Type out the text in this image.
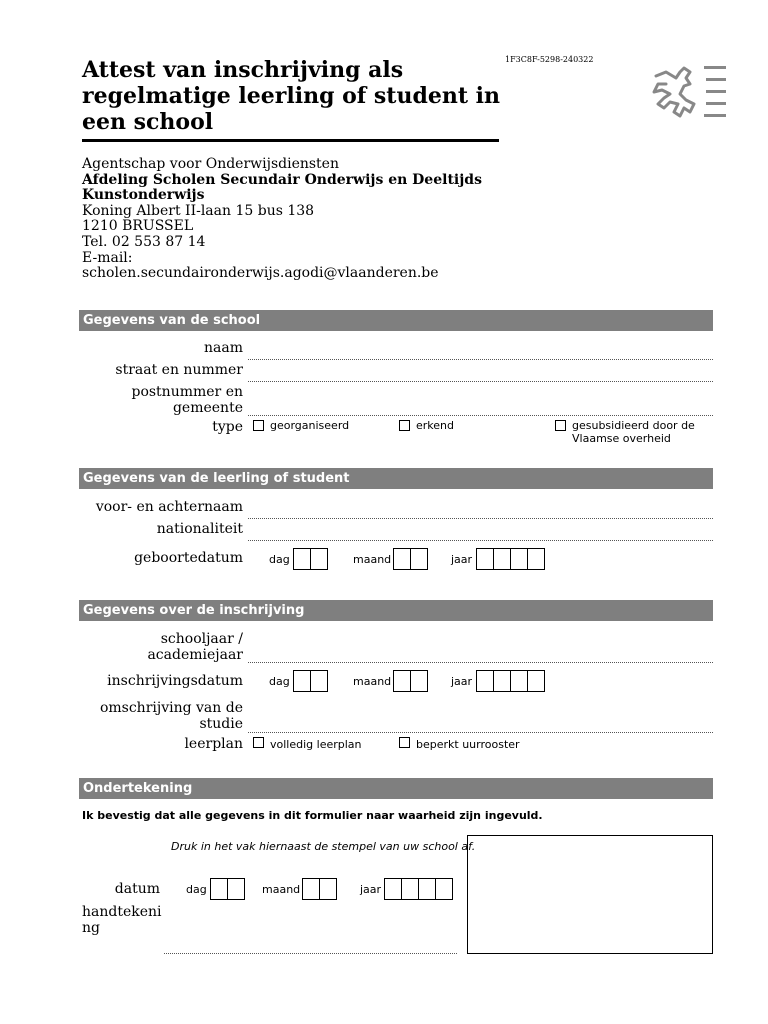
Attest van inschrijving als regelmatige leerling of student in een school
1F3C8F-5298-240322
Agentschap voor Onderwijsdiensten
Afdeling Scholen Secundair Onderwijs en Deeltijds Kunstonderwijs
Koning Albert II-laan 15 bus 138
1210 BRUSSEL
Tel. 02 553 87 14
E-mail:
scholen.secundaironderwijs.agodi@vlaanderen.be
Gegevens van de school
naam
straat en nummer
postnummer en gemeente
type georganiseerd	erkend	gesubsidieerd door de Vlaamse overheid
Gegevens van de leerling of student
voor- en achternaam
nationaliteit
geboortedatum dag	maand	jaar
Gegevens over de inschrijving
schooljaar / academiejaar
inschrijvingsdatum dag	maand	jaar
omschrijving van de studie
leerplan volledig leerplan	beperkt uurrooster
Ondertekening
Ik bevestig dat alle gegevens in dit formulier naar waarheid zijn ingevuld.
Druk in het vak hiernaast de stempel van uw school af.
datum dag	maand	jaar
handtekening
